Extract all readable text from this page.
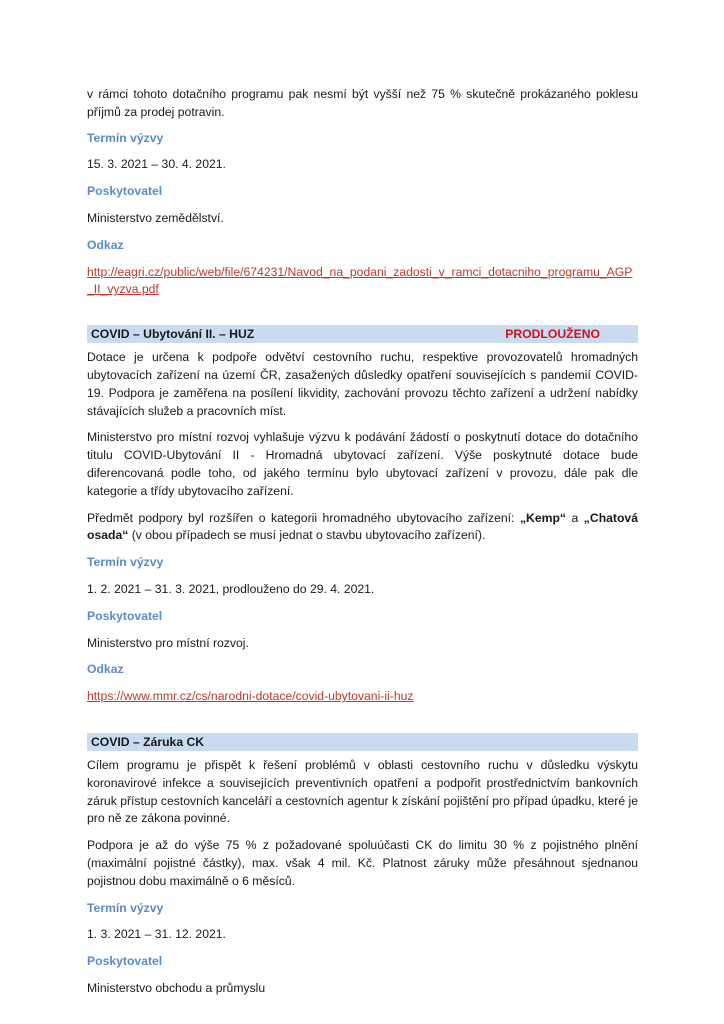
v rámci tohoto dotačního programu pak nesmí být vyšší než 75 % skutečně prokázaného poklesu příjmů za prodej potravin.

Termín výzvy

15. 3. 2021 – 30. 4. 2021.

Poskytovatel

Ministerstvo zemědělství.

Odkaz

http://eagri.cz/public/web/file/674231/Navod_na_podani_zadosti_v_ramci_dotacniho_programu_AGP_II_vyzva.pdf

COVID – Ubytování II. – HUZ	PRODLOUŽENO

Dotace je určena k podpoře odvětví cestovního ruchu, respektive provozovatelů hromadných ubytovacích zařízení na území ČR, zasažených důsledky opatření souvisejících s pandemií COVID-19. Podpora je zaměřena na posílení likvidity, zachování provozu těchto zařízení a udržení nabídky stávajících služeb a pracovních míst.

Ministerstvo pro místní rozvoj vyhlašuje výzvu k podávání žádostí o poskytnutí dotace do dotačního titulu COVID-Ubytování II - Hromadná ubytovací zařízení. Výše poskytnuté dotace bude diferencovaná podle toho, od jakého termínu bylo ubytovací zařízení v provozu, dále pak dle kategorie a třídy ubytovacího zařízení.

Předmět podpory byl rozšířen o kategorii hromadného ubytovacího zařízení: „Kemp“ a „Chatová osada“ (v obou případech se musí jednat o stavbu ubytovacího zařízení).

Termín výzvy

1. 2. 2021 – 31. 3. 2021, prodlouženo do 29. 4. 2021.

Poskytovatel

Ministerstvo pro místní rozvoj.

Odkaz

https://www.mmr.cz/cs/narodni-dotace/covid-ubytovani-ii-huz

COVID – Záruka CK

Cílem programu je přispět k řešení problémů v oblasti cestovního ruchu v důsledku výskytu koronavirové infekce a souvisejících preventivních opatření a podpořit prostřednictvím bankovních záruk přístup cestovních kanceláří a cestovních agentur k získání pojištění pro případ úpadku, které je pro ně ze zákona povinné.

Podpora je až do výše 75 % z požadované spoluúčasti CK do limitu 30 % z pojistného plnění (maximální pojistné částky), max. však 4 mil. Kč. Platnost záruky může přesáhnout sjednanou pojistnou dobu maximálně o 6 měsíců.

Termín výzvy

1. 3. 2021 – 31. 12. 2021.

Poskytovatel

Ministerstvo obchodu a průmyslu
